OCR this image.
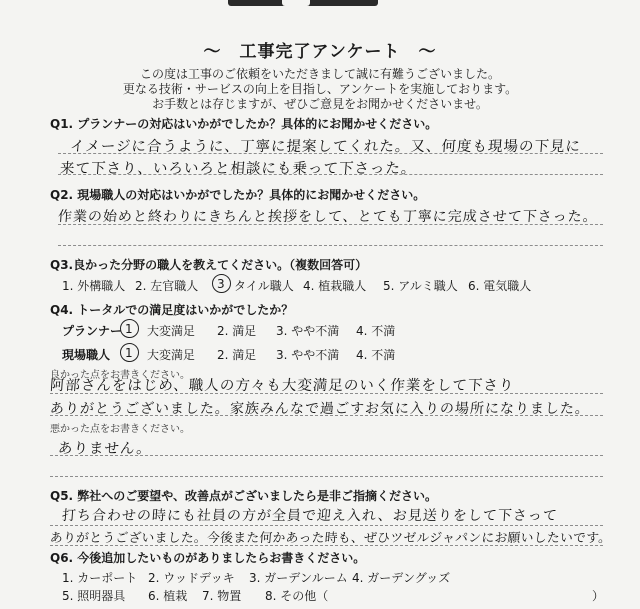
～　工事完了アンケート　～
この度は工事のご依頼をいただきまして誠に有難うございました。
更なる技術・サービスの向上を目指し、アンケートを実施しております。
お手数とは存じますが、ぜひご意見をお聞かせくださいませ。
Q1. プランナーの対応はいかがでしたか？具体的にお聞かせください。
イメージに合うように、丁寧に提案してくれた。又、何度も現場の下見に
来て下さり、いろいろと相談にも乗って下さった。
Q2. 現場職人の対応はいかがでしたか？具体的にお聞かせください。
作業の始めと終わりにきちんと挨拶をして、とても丁寧に完成させて下さった。
Q3.良かった分野の職人を教えてください。（複数回答可）
1. 外構職人 2. 左官職人 3 タイル職人 4. 植栽職人 5. アルミ職人 6. 電気職人
Q4. トータルでの満足度はいかがでしたか？
プランナー 1 大変満足 2. 満足 3. やや不満 4. 不満
現場職人 1 大変満足 2. 満足 3. やや不満 4. 不満
良かった点をお書きください。
阿部さんをはじめ、職人の方々も大変満足のいく作業をして下さり
ありがとうございました。家族みんなで過ごすお気に入りの場所になりました。
悪かった点をお書きください。
ありません。
Q5. 弊社へのご要望や、改善点がございましたら是非ご指摘ください。
打ち合わせの時にも社員の方が全員で迎え入れ、お見送りをして下さって
ありがとうございました。今後また何かあった時も、ぜひツゼルジャパンにお願いしたいです。
Q6. 今後追加したいものがありましたらお書きください。
1. カーポート 2. ウッドデッキ 3. ガーデンルーム 4. ガーデングッズ
5. 照明器具 6. 植栽 7. 物置 8. その他（	）
